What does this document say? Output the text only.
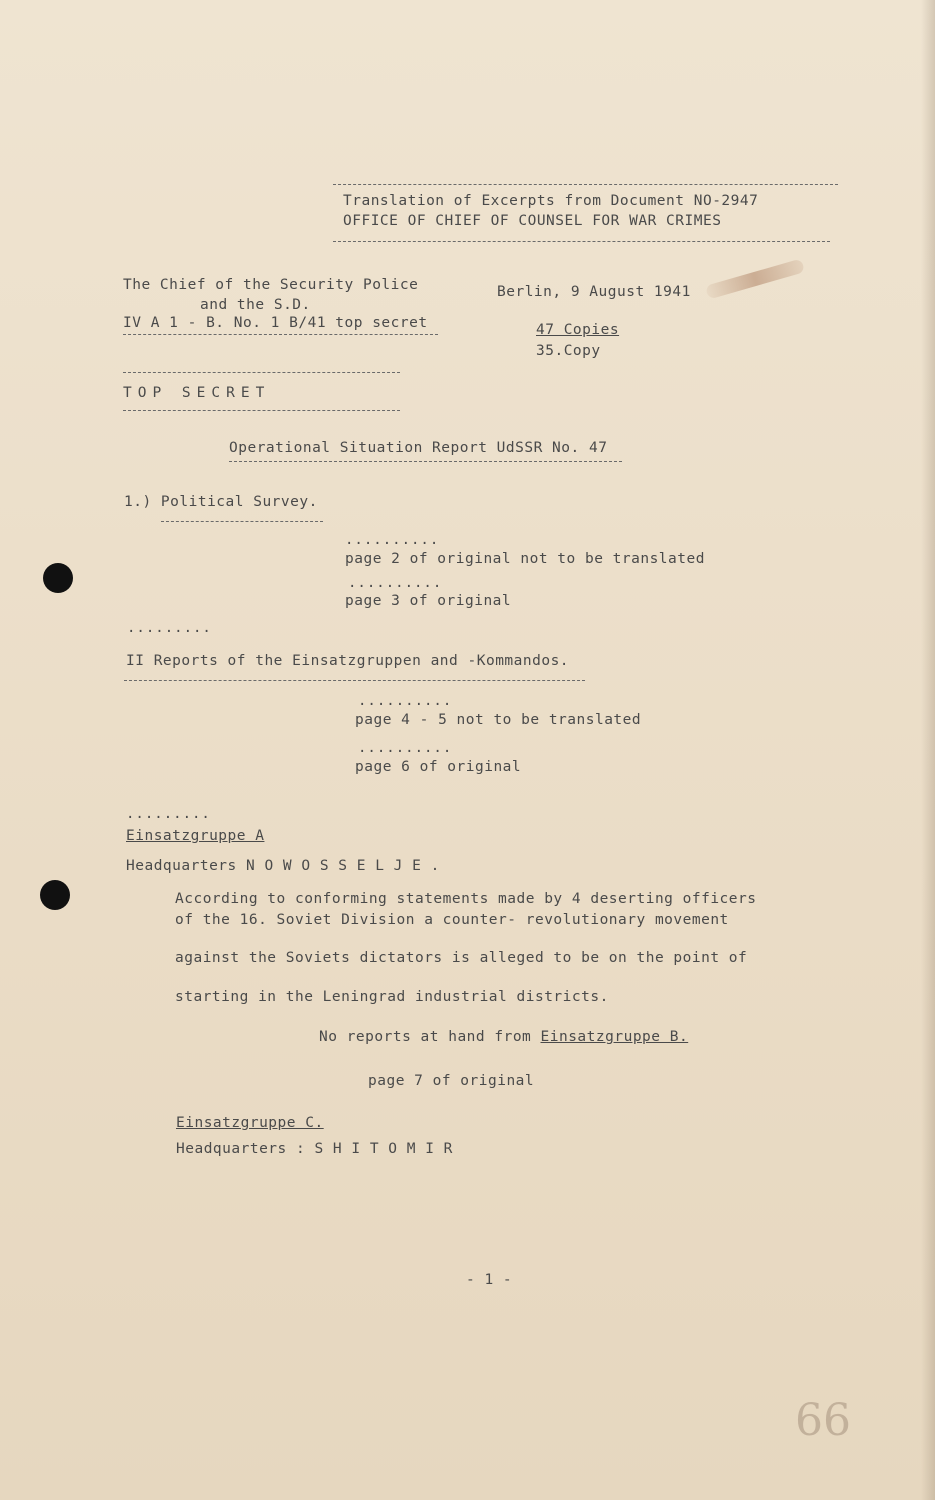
Translation of Excerpts from Document NO-2947
OFFICE OF CHIEF OF COUNSEL FOR WAR CRIMES
The Chief of the Security Police
and the S.D.
IV A 1 - B. No. 1 B/41 top secret
Berlin, 9 August 1941
47 Copies
35.Copy
TOP SECRET
Operational Situation Report UdSSR No. 47
1.) Political Survey.
..........
page 2 of original not to be translated
..........
page 3 of original
.........
II Reports of the Einsatzgruppen and -Kommandos.
..........
page 4 - 5 not to be translated
..........
page 6 of original
.........
Einsatzgruppe A
Headquarters N O W O S S E L J E .
According to conforming statements made by 4 deserting officers
of the 16. Soviet Division a counter- revolutionary movement
against the Soviets dictators is alleged to be on the point of
starting in the Leningrad industrial districts.
No reports at hand from Einsatzgruppe B.
page 7 of original
Einsatzgruppe C.
Headquarters : S H I T O M I R
- 1 -
66
